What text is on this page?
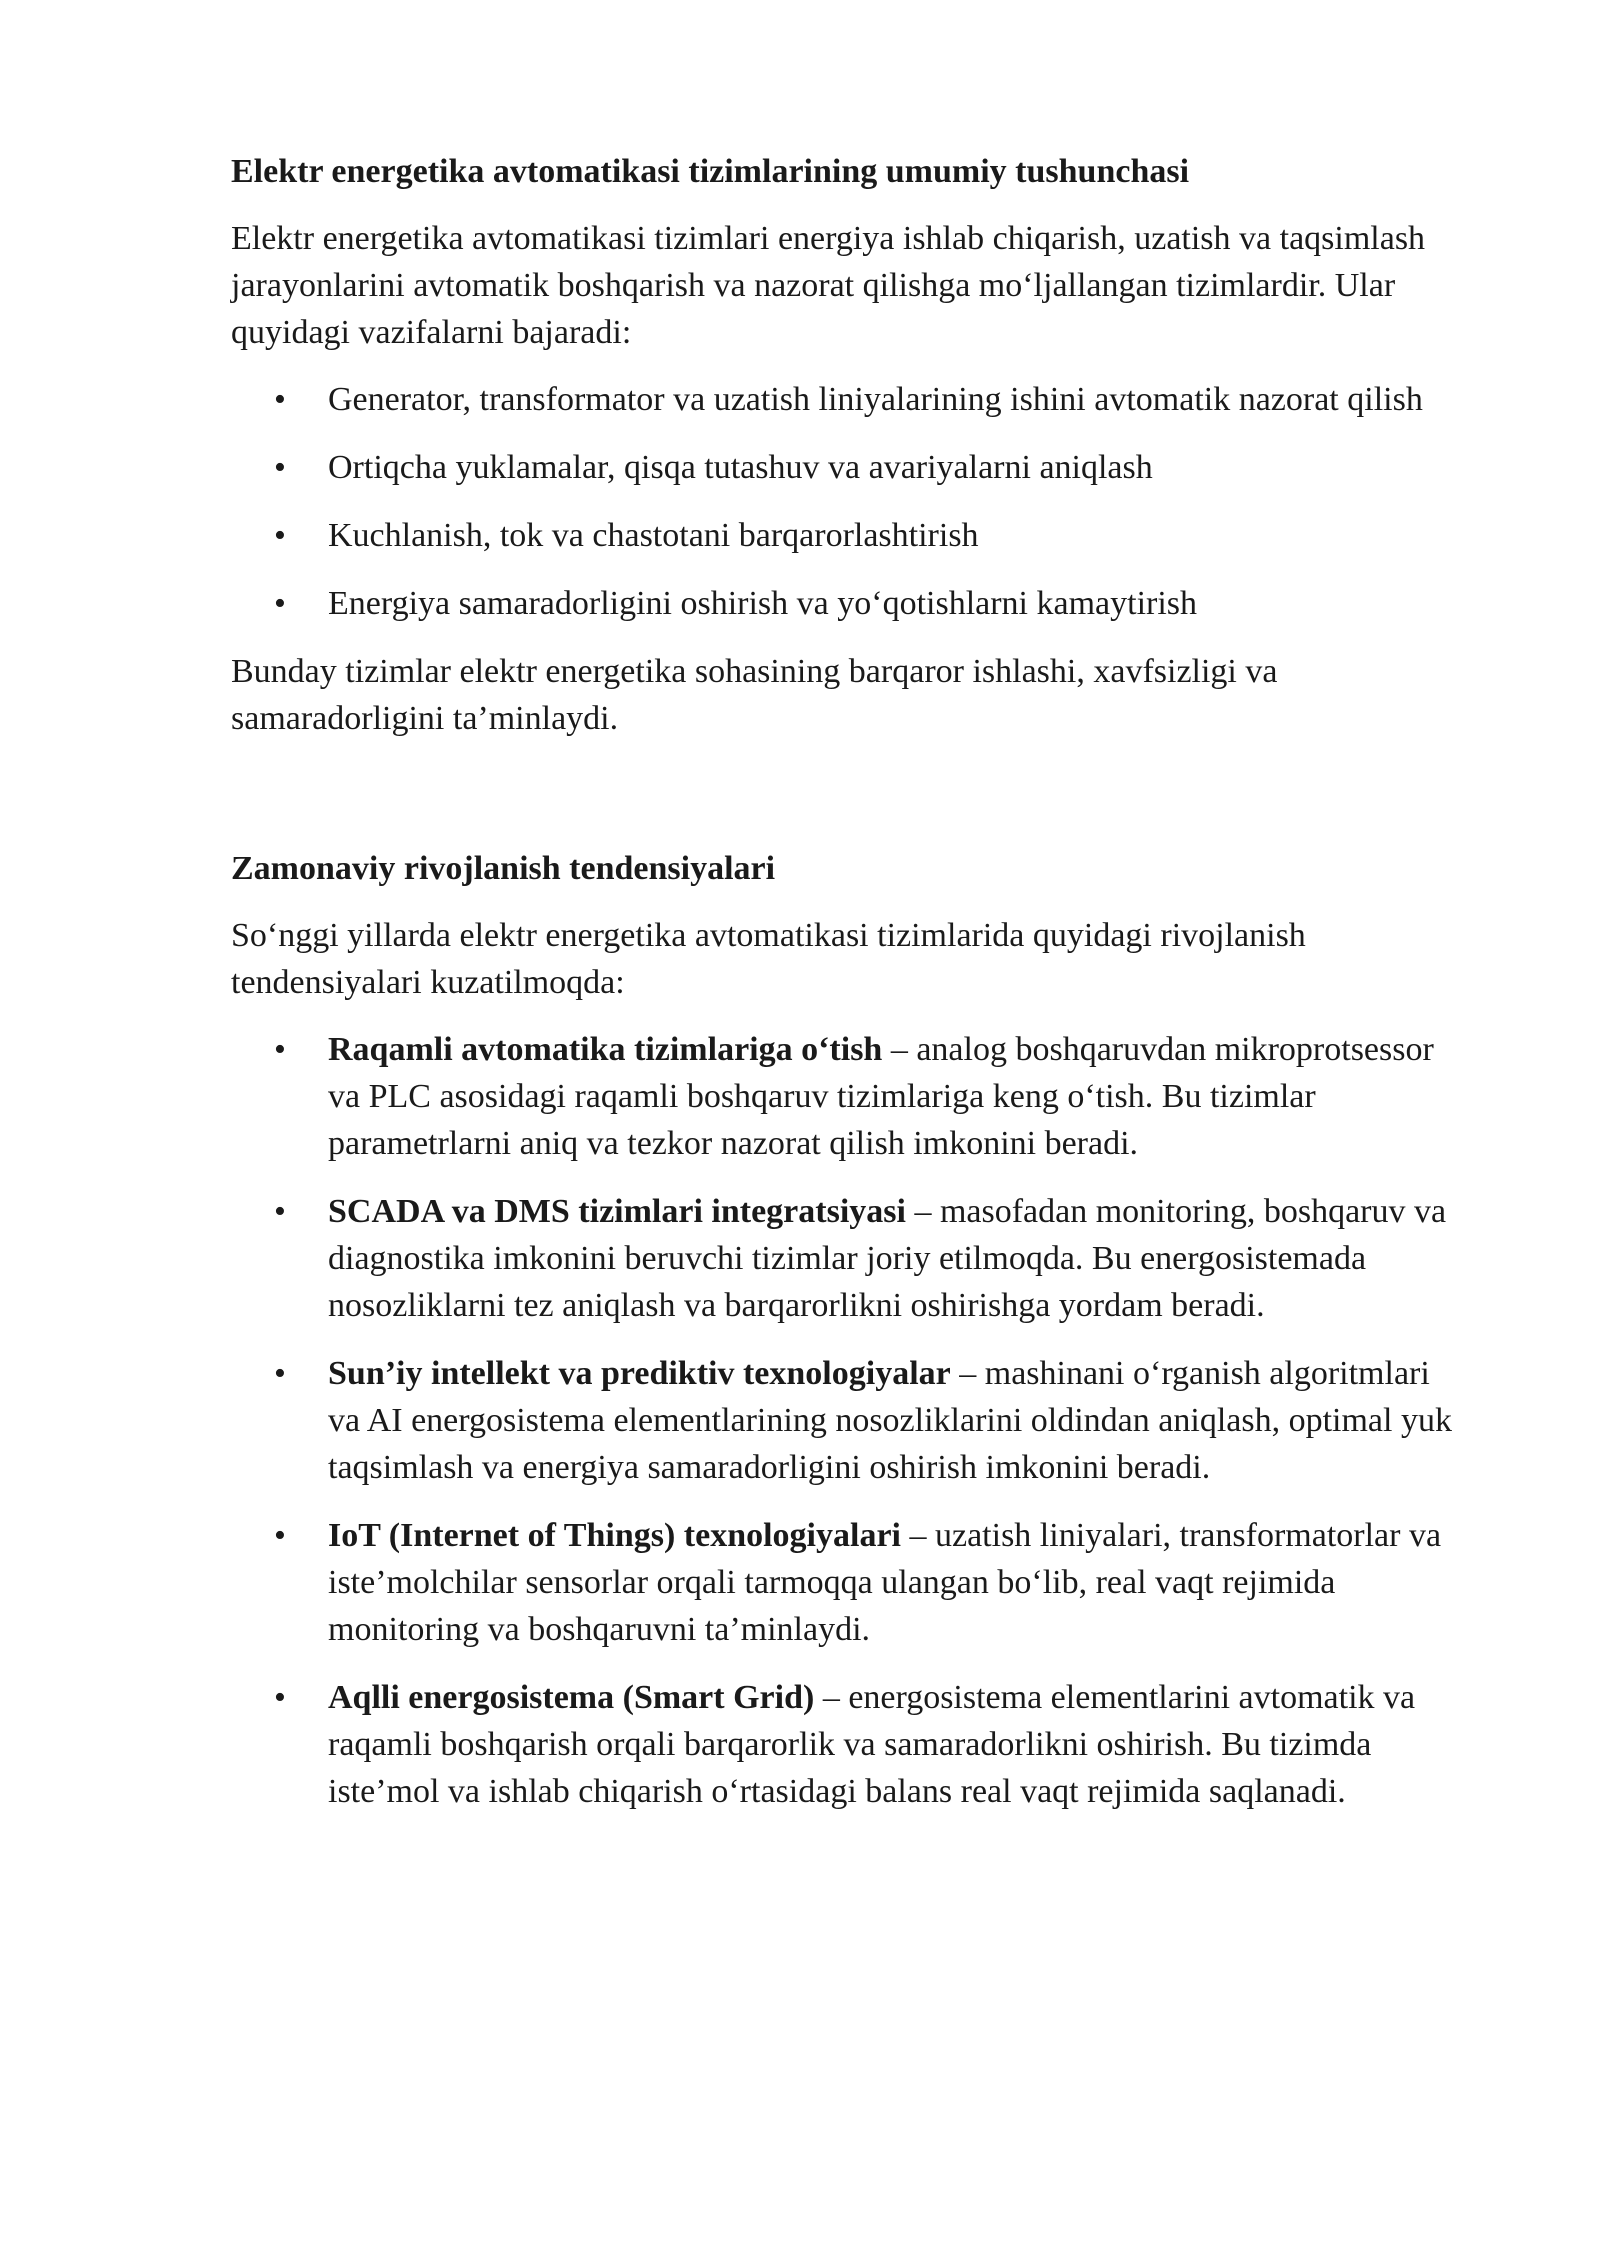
Elektr energetika avtomatikasi tizimlarining umumiy tushunchasi

Elektr energetika avtomatikasi tizimlari energiya ishlab chiqarish, uzatish va taqsimlash jarayonlarini avtomatik boshqarish va nazorat qilishga mo‘ljallangan tizimlardir. Ular quyidagi vazifalarni bajaradi:

• Generator, transformator va uzatish liniyalarining ishini avtomatik nazorat qilish
• Ortiqcha yuklamalar, qisqa tutashuv va avariyalarni aniqlash
• Kuchlanish, tok va chastotani barqarorlashtirish
• Energiya samaradorligini oshirish va yo‘qotishlarni kamaytirish

Bunday tizimlar elektr energetika sohasining barqaror ishlashi, xavfsizligi va samaradorligini ta’minlaydi.

Zamonaviy rivojlanish tendensiyalari

So‘nggi yillarda elektr energetika avtomatikasi tizimlarida quyidagi rivojlanish tendensiyalari kuzatilmoqda:

• Raqamli avtomatika tizimlariga o‘tish – analog boshqaruvdan mikroprotsessor va PLC asosidagi raqamli boshqaruv tizimlariga keng o‘tish. Bu tizimlar parametrlarni aniq va tezkor nazorat qilish imkonini beradi.
• SCADA va DMS tizimlari integratsiyasi – masofadan monitoring, boshqaruv va diagnostika imkonini beruvchi tizimlar joriy etilmoqda. Bu energosistemada nosozliklarni tez aniqlash va barqarorlikni oshirishga yordam beradi.
• Sun’iy intellekt va prediktiv texnologiyalar – mashinani o‘rganish algoritmlari va AI energosistema elementlarining nosozliklarini oldindan aniqlash, optimal yuk taqsimlash va energiya samaradorligini oshirish imkonini beradi.
• IoT (Internet of Things) texnologiyalari – uzatish liniyalari, transformatorlar va iste’molchilar sensorlar orqali tarmoqqa ulangan bo‘lib, real vaqt rejimida monitoring va boshqaruvni ta’minlaydi.
• Aqlli energosistema (Smart Grid) – energosistema elementlarini avtomatik va raqamli boshqarish orqali barqarorlik va samaradorlikni oshirish. Bu tizimda iste’mol va ishlab chiqarish o‘rtasidagi balans real vaqt rejimida saqlanadi.
